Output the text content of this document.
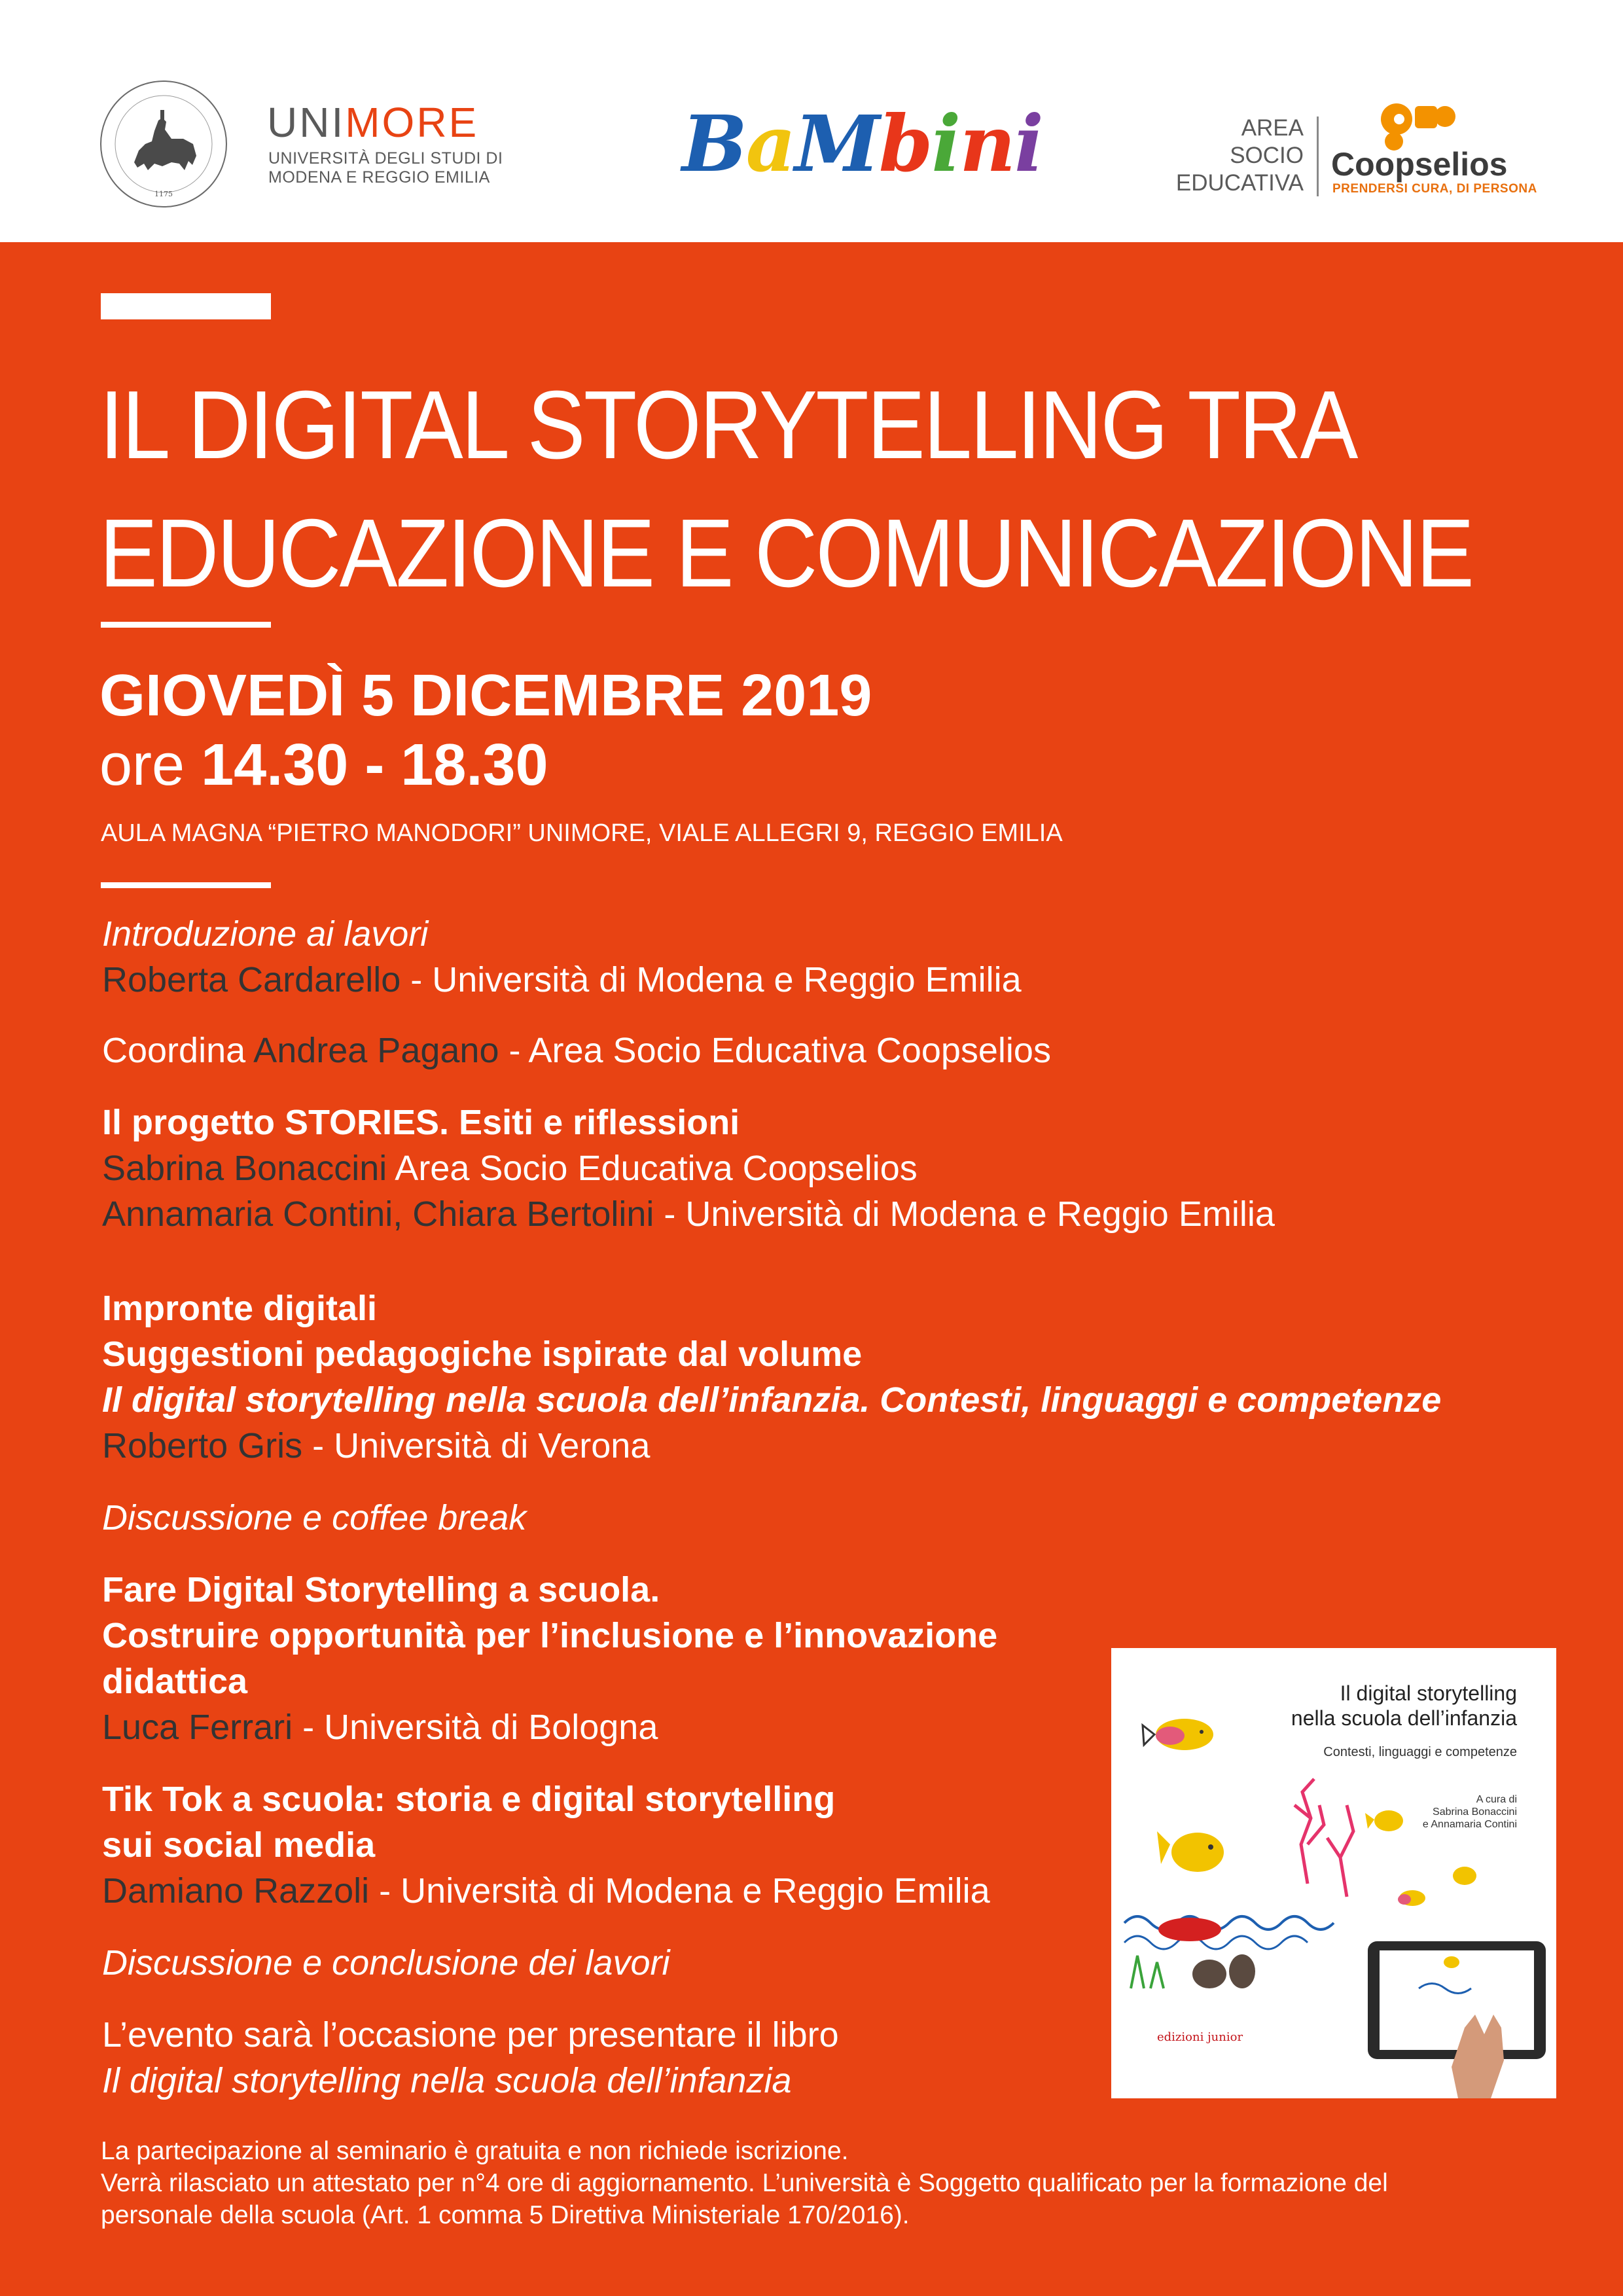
1175
UNIMORE
UNIVERSITÀ DEGLI STUDI DI
MODENA E REGGIO EMILIA BaMbini	AREA
SOCIO
EDUCATIVA
Coopselios
PRENDERSI CURA, DI PERSONA
IL DIGITAL STORYTELLING TRA
EDUCAZIONE E COMUNICAZIONE
GIOVEDÌ 5 DICEMBRE 2019
ore 14.30 - 18.30
AULA MAGNA “PIETRO MANODORI” UNIMORE, VIALE ALLEGRI 9, REGGIO EMILIA
Introduzione ai lavori
Roberta Cardarello - Università di Modena e Reggio Emilia
Coordina Andrea Pagano - Area Socio Educativa Coopselios
Il progetto STORIES. Esiti e riflessioni
Sabrina Bonaccini Area Socio Educativa Coopselios
Annamaria Contini, Chiara Bertolini - Università di Modena e Reggio Emilia
Impronte digitali
Suggestioni pedagogiche ispirate dal volume
Il digital storytelling nella scuola dell’infanzia. Contesti, linguaggi e competenze
Roberto Gris - Università di Verona
Discussione e coffee break
Fare Digital Storytelling a scuola.
Costruire opportunità per l’inclusione e l’innovazione
didattica
Luca Ferrari - Università di Bologna
Tik Tok a scuola: storia e digital storytelling
sui social media
Damiano Razzoli - Università di Modena e Reggio Emilia
Discussione e conclusione dei lavori
L’evento sarà l’occasione per presentare il libro
Il digital storytelling nella scuola dell’infanzia
Il digital storytelling
nella scuola dell’infanzia
Contesti, linguaggi e competenze
A cura di
Sabrina Bonaccini
e Annamaria Contini
edizioni junior
La partecipazione al seminario è gratuita e non richiede iscrizione.
Verrà rilasciato un attestato per n°4 ore di aggiornamento. L’università è Soggetto qualificato per la formazione del
personale della scuola (Art. 1 comma 5 Direttiva Ministeriale 170/2016).
